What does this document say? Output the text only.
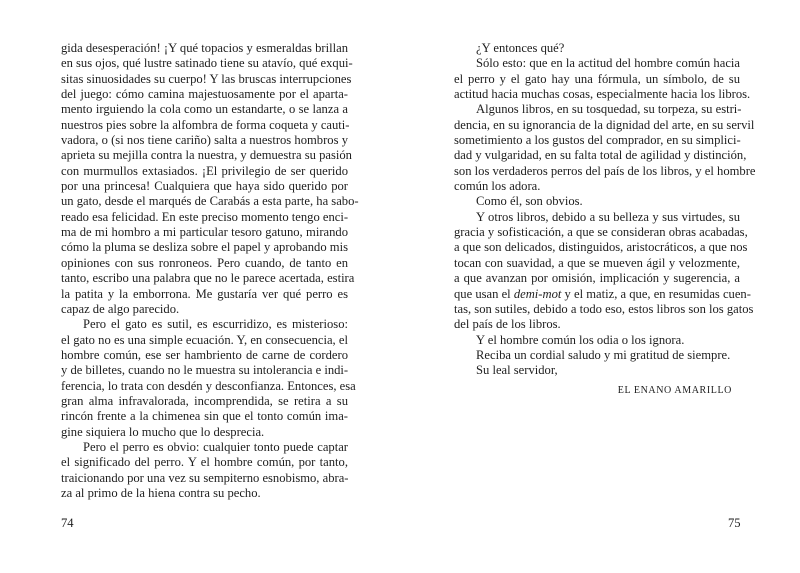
gida desesperación! ¡Y qué topacios y esmeraldas brillan
en sus ojos, qué lustre satinado tiene su atavío, qué exqui-
sitas sinuosidades su cuerpo! Y las bruscas interrupciones
del juego: cómo camina majestuosamente por el aparta-
mento irguiendo la cola como un estandarte, o se lanza a
nuestros pies sobre la alfombra de forma coqueta y cauti-
vadora, o (si nos tiene cariño) salta a nuestros hombros y
aprieta su mejilla contra la nuestra, y demuestra su pasión
con murmullos extasiados. ¡El privilegio de ser querido
por una princesa! Cualquiera que haya sido querido por
un gato, desde el marqués de Carabás a esta parte, ha sabo-
reado esa felicidad. En este preciso momento tengo enci-
ma de mi hombro a mi particular tesoro gatuno, mirando
cómo la pluma se desliza sobre el papel y aprobando mis
opiniones con sus ronroneos. Pero cuando, de tanto en
tanto, escribo una palabra que no le parece acertada, estira
la patita y la emborrona. Me gustaría ver qué perro es
capaz de algo parecido.
Pero el gato es sutil, es escurridizo, es misterioso:
el gato no es una simple ecuación. Y, en consecuencia, el
hombre común, ese ser hambriento de carne de cordero
y de billetes, cuando no le muestra su intolerancia e indi-
ferencia, lo trata con desdén y desconfianza. Entonces, esa
gran alma infravalorada, incomprendida, se retira a su
rincón frente a la chimenea sin que el tonto común ima-
gine siquiera lo mucho que lo desprecia.
Pero el perro es obvio: cualquier tonto puede captar
el significado del perro. Y el hombre común, por tanto,
traicionando por una vez su sempiterno esnobismo, abra-
za al primo de la hiena contra su pecho.
¿Y entonces qué?
Sólo esto: que en la actitud del hombre común hacia
el perro y el gato hay una fórmula, un símbolo, de su
actitud hacia muchas cosas, especialmente hacia los libros.
Algunos libros, en su tosquedad, su torpeza, su estri-
dencia, en su ignorancia de la dignidad del arte, en su servil
sometimiento a los gustos del comprador, en su simplici-
dad y vulgaridad, en su falta total de agilidad y distinción,
son los verdaderos perros del país de los libros, y el hombre
común los adora.
Como él, son obvios.
Y otros libros, debido a su belleza y sus virtudes, su
gracia y sofisticación, a que se consideran obras acabadas,
a que son delicados, distinguidos, aristocráticos, a que nos
tocan con suavidad, a que se mueven ágil y velozmente,
a que avanzan por omisión, implicación y sugerencia, a
que usan el demi-mot y el matiz, a que, en resumidas cuen-
tas, son sutiles, debido a todo eso, estos libros son los gatos
del país de los libros.
Y el hombre común los odia o los ignora.
Reciba un cordial saludo y mi gratitud de siempre.
Su leal servidor,
EL ENANO AMARILLO
74	75
